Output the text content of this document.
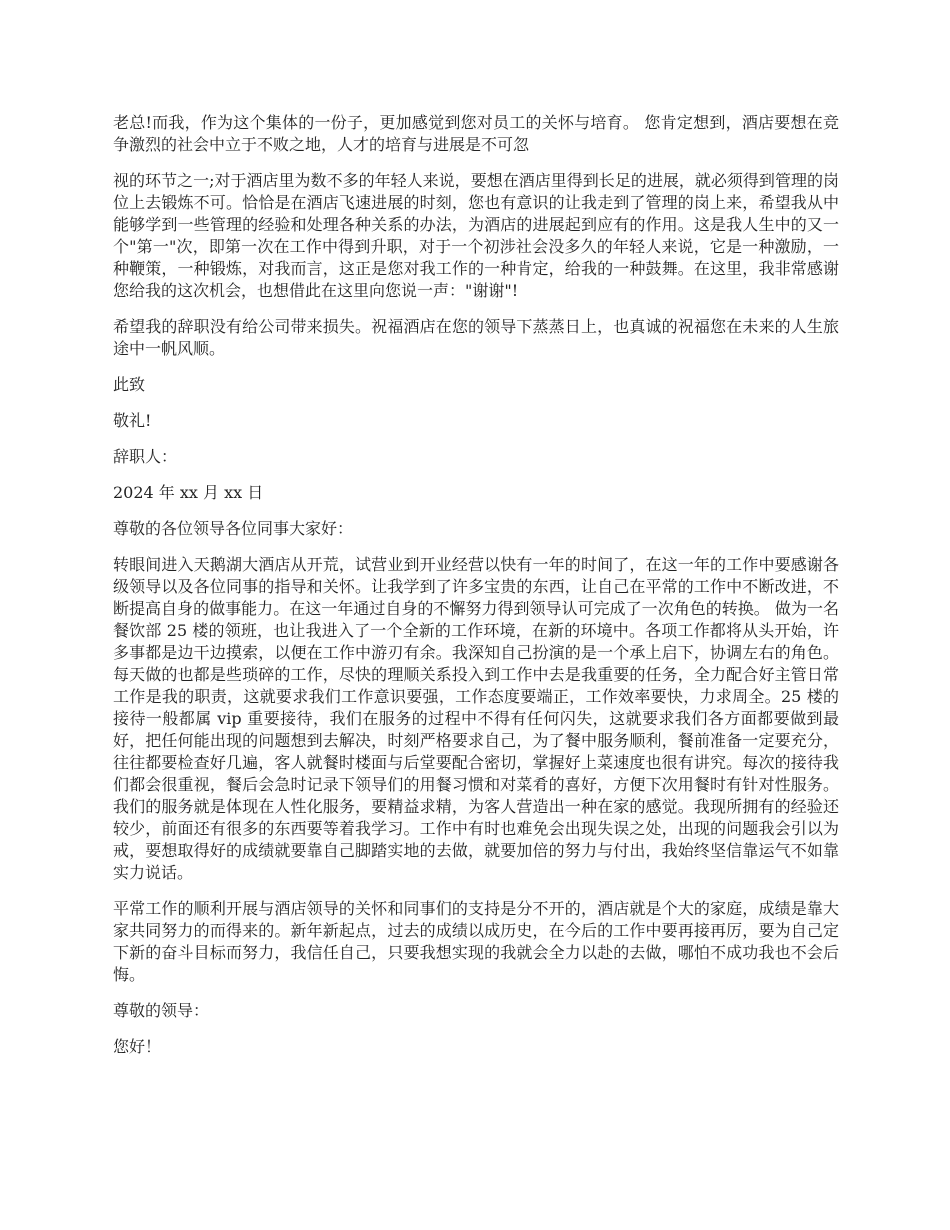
老总!而我，作为这个集体的一份子，更加感觉到您对员工的关怀与培育。 您肯定想到，酒店要想在竞争激烈的社会中立于不败之地，人才的培育与进展是不可忽

视的环节之一;对于酒店里为数不多的年轻人来说，要想在酒店里得到长足的进展，就必须得到管理的岗位上去锻炼不可。恰恰是在酒店飞速进展的时刻，您也有意识的让我走到了管理的岗上来，希望我从中能够学到一些管理的经验和处理各种关系的办法，为酒店的进展起到应有的作用。这是我人生中的又一个"第一"次，即第一次在工作中得到升职，对于一个初涉社会没多久的年轻人来说，它是一种激励，一种鞭策，一种锻炼，对我而言，这正是您对我工作的一种肯定，给我的一种鼓舞。在这里，我非常感谢您给我的这次机会，也想借此在这里向您说一声："谢谢"!

希望我的辞职没有给公司带来损失。祝福酒店在您的领导下蒸蒸日上，也真诚的祝福您在未来的人生旅途中一帆风顺。

此致

敬礼!

辞职人：

2024 年 xx 月 xx 日

尊敬的各位领导各位同事大家好：

转眼间进入天鹅湖大酒店从开荒，试营业到开业经营以快有一年的时间了，在这一年的工作中要感谢各级领导以及各位同事的指导和关怀。让我学到了许多宝贵的东西，让自己在平常的工作中不断改进，不断提高自身的做事能力。在这一年通过自身的不懈努力得到领导认可完成了一次角色的转换。 做为一名餐饮部 25 楼的领班，也让我进入了一个全新的工作环境，在新的环境中。各项工作都将从头开始，许多事都是边干边摸索，以便在工作中游刃有余。我深知自己扮演的是一个承上启下，协调左右的角色。每天做的也都是些琐碎的工作，尽快的理顺关系投入到工作中去是我重要的任务，全力配合好主管日常工作是我的职责，这就要求我们工作意识要强，工作态度要端正，工作效率要快，力求周全。25 楼的接待一般都属 vip 重要接待，我们在服务的过程中不得有任何闪失，这就要求我们各方面都要做到最好，把任何能出现的问题想到去解决，时刻严格要求自己，为了餐中服务顺利，餐前准备一定要充分，往往都要检查好几遍，客人就餐时楼面与后堂要配合密切，掌握好上菜速度也很有讲究。每次的接待我们都会很重视，餐后会急时记录下领导们的用餐习惯和对菜肴的喜好，方便下次用餐时有针对性服务。我们的服务就是体现在人性化服务，要精益求精，为客人营造出一种在家的感觉。我现所拥有的经验还较少，前面还有很多的东西要等着我学习。工作中有时也难免会出现失误之处，出现的问题我会引以为戒，要想取得好的成绩就要靠自己脚踏实地的去做，就要加倍的努力与付出，我始终坚信靠运气不如靠实力说话。

平常工作的顺利开展与酒店领导的关怀和同事们的支持是分不开的，酒店就是个大的家庭，成绩是靠大家共同努力的而得来的。新年新起点，过去的成绩以成历史，在今后的工作中要再接再厉，要为自己定下新的奋斗目标而努力，我信任自己，只要我想实现的我就会全力以赴的去做，哪怕不成功我也不会后悔。

尊敬的领导：

您好！
